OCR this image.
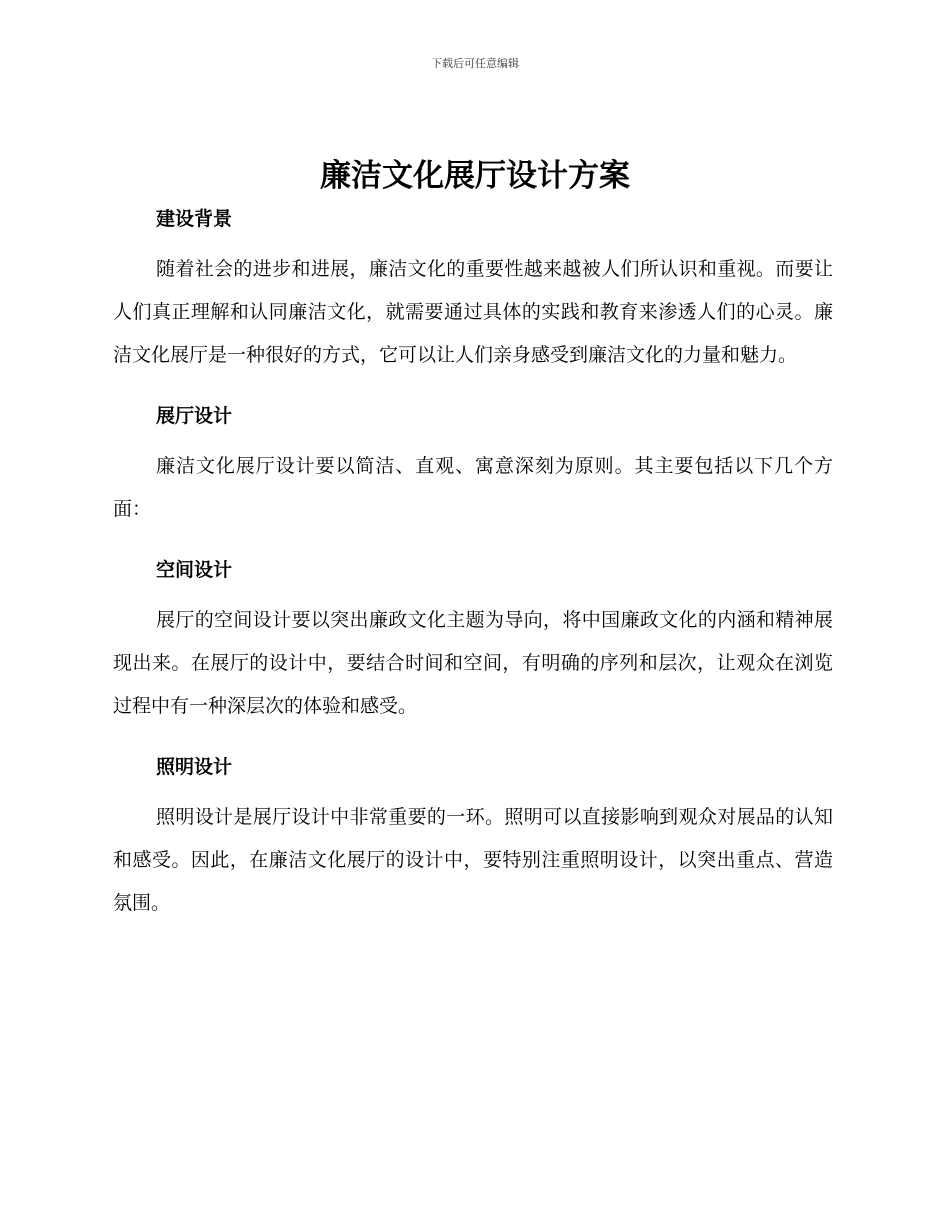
下载后可任意编辑
廉洁文化展厅设计方案
建设背景

随着社会的进步和进展，廉洁文化的重要性越来越被人们所认识和重视。而要让人们真正理解和认同廉洁文化，就需要通过具体的实践和教育来渗透人们的心灵。廉洁文化展厅是一种很好的方式，它可以让人们亲身感受到廉洁文化的力量和魅力。

展厅设计

廉洁文化展厅设计要以简洁、直观、寓意深刻为原则。其主要包括以下几个方面：

空间设计

展厅的空间设计要以突出廉政文化主题为导向，将中国廉政文化的内涵和精神展现出来。在展厅的设计中，要结合时间和空间，有明确的序列和层次，让观众在浏览过程中有一种深层次的体验和感受。

照明设计

照明设计是展厅设计中非常重要的一环。照明可以直接影响到观众对展品的认知和感受。因此，在廉洁文化展厅的设计中，要特别注重照明设计，以突出重点、营造氛围。
